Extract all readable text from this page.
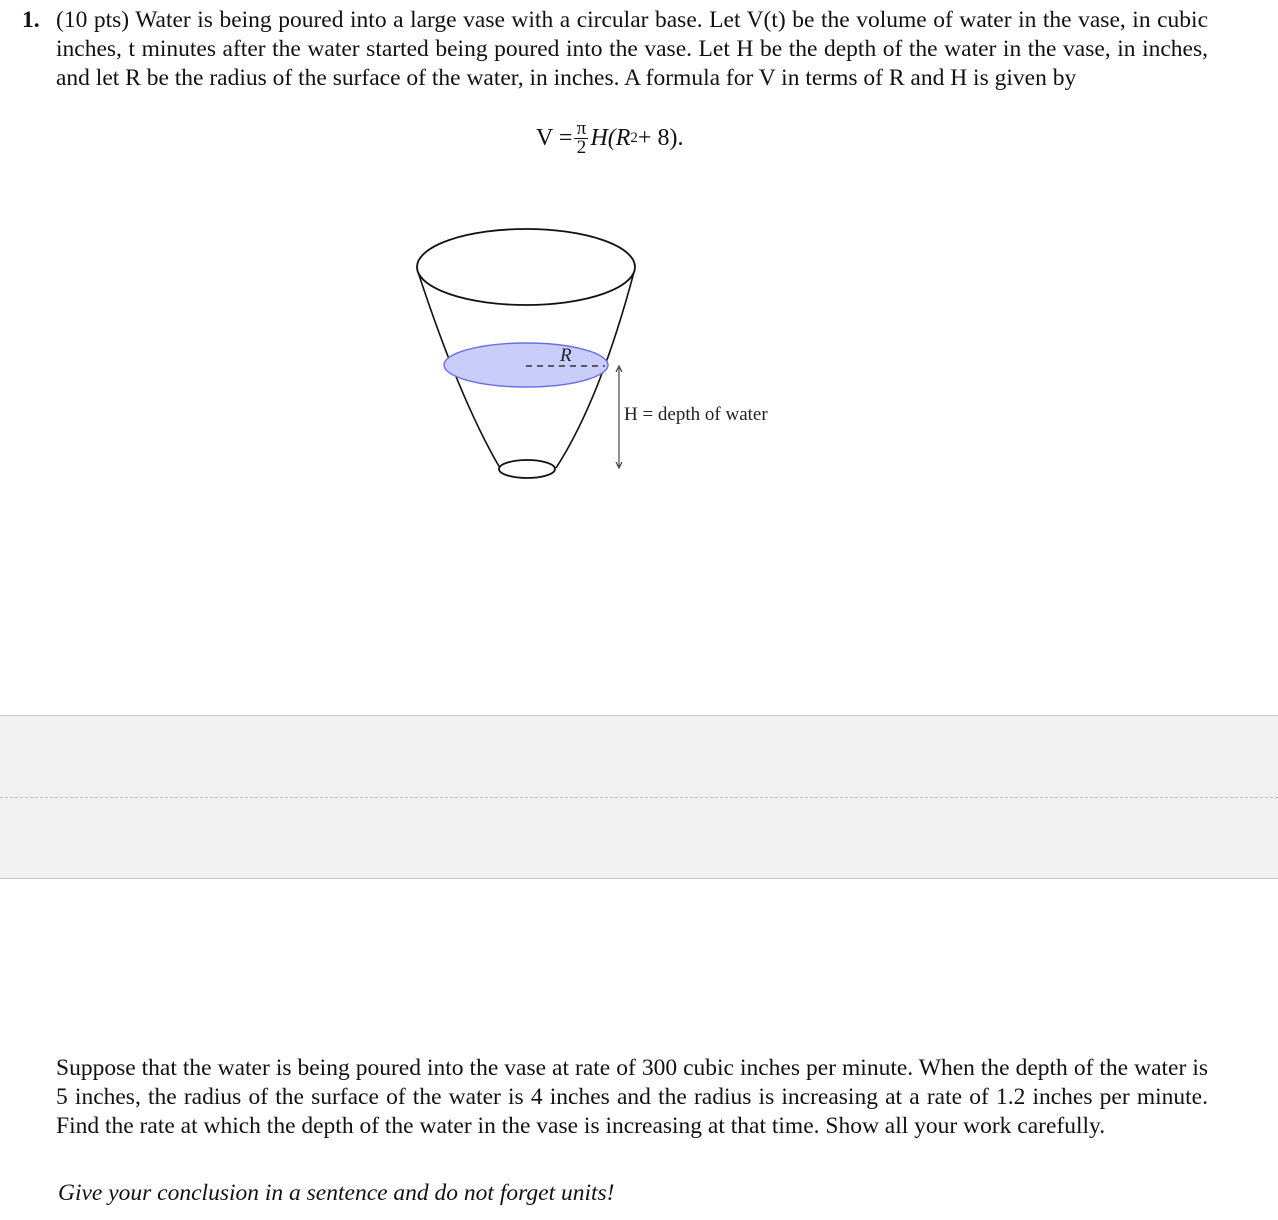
1. (10 pts) Water is being poured into a large vase with a circular base. Let V(t) be the volume of water in the vase, in cubic inches, t minutes after the water started being poured into the vase. Let H be the depth of the water in the vase, in inches, and let R be the radius of the surface of the water, in inches. A formula for V in terms of R and H is given by
$V = \frac{\pi}{2} H(R$ 2 + 8).
R
H = depth of water
Suppose that the water is being poured into the vase at rate of 300 cubic inches per minute. When the depth of the water is 5 inches, the radius of the surface of the water is 4 inches and the radius is increasing at a rate of 1.2 inches per minute. Find the rate at which the depth of the water in the vase is increasing at that time. Show all your work carefully.
Give your conclusion in a sentence and do not forget units!
